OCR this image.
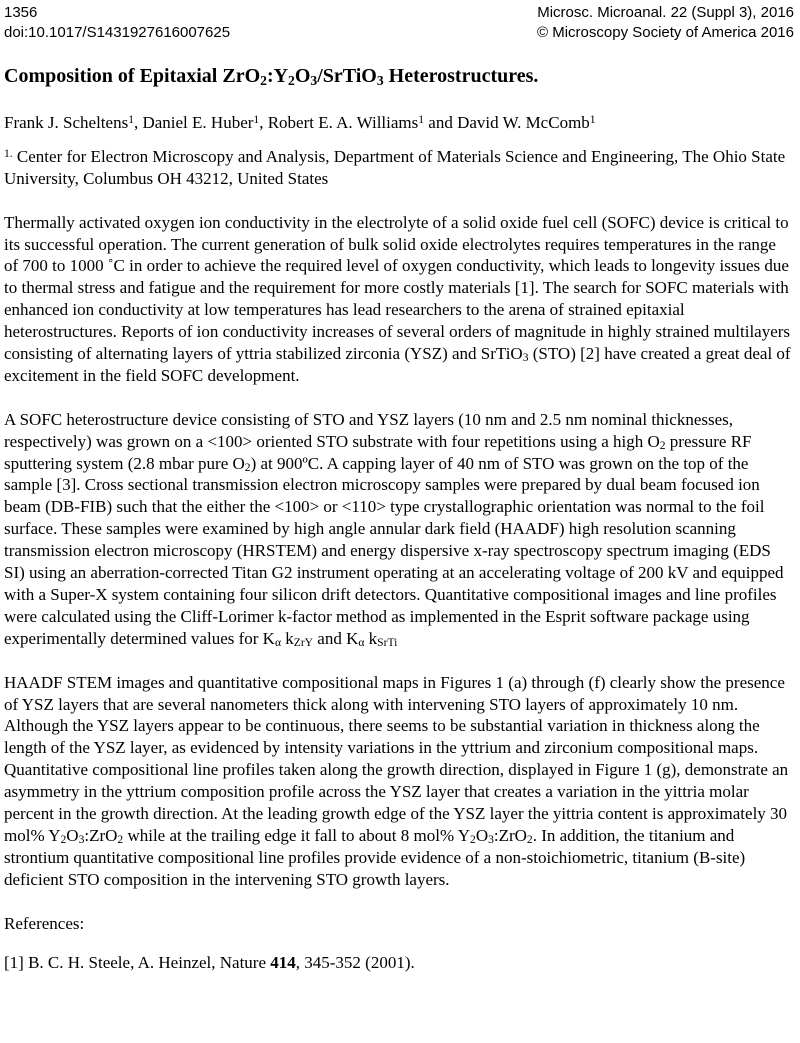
1356
doi:10.1017/S1431927616007625
Microsc. Microanal. 22 (Suppl 3), 2016
© Microscopy Society of America 2016
Composition of Epitaxial $ZrO_2:Y_2O_3/SrTiO_3$ Heterostructures.

Frank J. Scheltens$^1$, Daniel E. Huber$^1$, Robert E. A. Williams$^1$ and David W. McComb$^1$

$^{1.}$ Center for Electron Microscopy and Analysis, Department of Materials Science and Engineering, The Ohio State University, Columbus OH 43212, United States

Thermally activated oxygen ion conductivity in the electrolyte of a solid oxide fuel cell (SOFC) device is critical to its successful operation. The current generation of bulk solid oxide electrolytes requires temperatures in the range of 700 to 1000 ˚C in order to achieve the required level of oxygen conductivity, which leads to longevity issues due to thermal stress and fatigue and the requirement for more costly materials [1]. The search for SOFC materials with enhanced ion conductivity at low temperatures has lead researchers to the arena of strained epitaxial heterostructures. Reports of ion conductivity increases of several orders of magnitude in highly strained multilayers consisting of alternating layers of yttria stabilized zirconia (YSZ) and SrTiO$_3$ (STO) [2] have created a great deal of excitement in the field SOFC development.

A SOFC heterostructure device consisting of STO and YSZ layers (10 nm and 2.5 nm nominal thicknesses, respectively) was grown on a <100> oriented STO substrate with four repetitions using a high $O_2$ pressure RF sputtering system (2.8 mbar pure $O_2$) at 900ºC. A capping layer of 40 nm of STO was grown on the top of the sample [3]. Cross sectional transmission electron microscopy samples were prepared by dual beam focused ion beam (DB-FIB) such that the either the <100> or <110> type crystallographic orientation was normal to the foil surface. These samples were examined by high angle annular dark field (HAADF) high resolution scanning transmission electron microscopy (HRSTEM) and energy dispersive x-ray spectroscopy spectrum imaging (EDS SI) using an aberration-corrected Titan G2 instrument operating at an accelerating voltage of 200 kV and equipped with a Super-X system containing four silicon drift detectors. Quantitative compositional images and line profiles were calculated using the Cliff-Lorimer k-factor method as implemented in the Esprit software package using experimentally determined values for $K_\alpha$ $k_{ZrY}$ and $K_\alpha$ $k_{SrTi}$

HAADF STEM images and quantitative compositional maps in Figures 1 (a) through (f) clearly show the presence of YSZ layers that are several nanometers thick along with intervening STO layers of approximately 10 nm. Although the YSZ layers appear to be continuous, there seems to be substantial variation in thickness along the length of the YSZ layer, as evidenced by intensity variations in the yttrium and zirconium compositional maps. Quantitative compositional line profiles taken along the growth direction, displayed in Figure 1 (g), demonstrate an asymmetry in the yttrium composition profile across the YSZ layer that creates a variation in the yittria molar percent in the growth direction. At the leading growth edge of the YSZ layer the yittria content is approximately 30 mol% $Y_2O_3:ZrO_2$ while at the trailing edge it fall to about 8 mol% $Y_2O_3:ZrO_2$. In addition, the titanium and strontium quantitative compositional line profiles provide evidence of a non-stoichiometric, titanium (B-site) deficient STO composition in the intervening STO growth layers.

References:

[1] B. C. H. Steele, A. Heinzel, Nature 414, 345-352 (2001).
